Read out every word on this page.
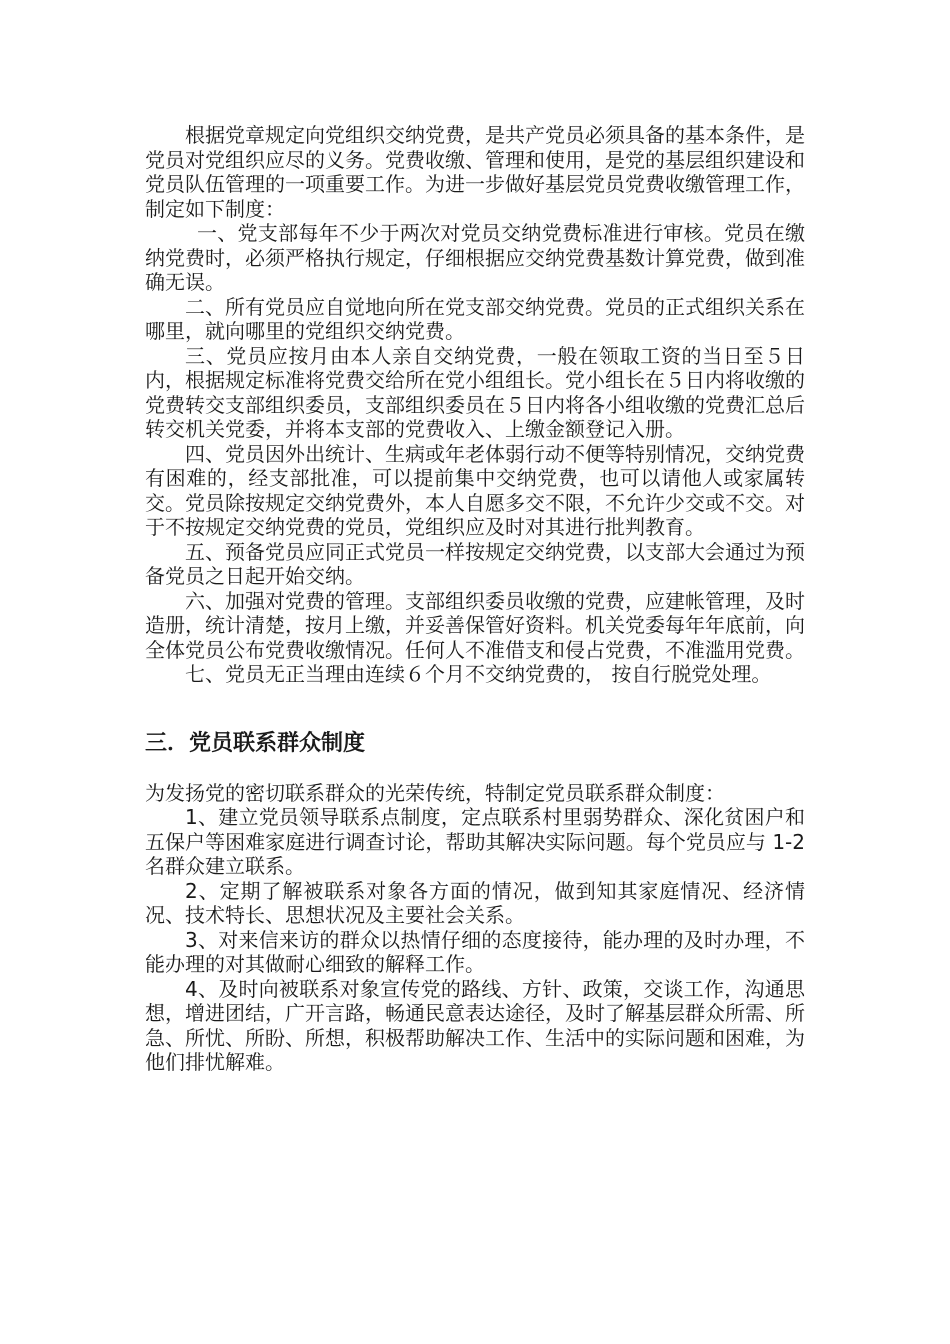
根据党章规定向党组织交纳党费，是共产党员必须具备的基本条件，是党员对党组织应尽的义务。党费收缴、管理和使用，是党的基层组织建设和党员队伍管理的一项重要工作。为进一步做好基层党员党费收缴管理工作，制定如下制度：

一、党支部每年不少于两次对党员交纳党费标准进行审核。党员在缴纳党费时，必须严格执行规定，仔细根据应交纳党费基数计算党费，做到准确无误。

二、所有党员应自觉地向所在党支部交纳党费。党员的正式组织关系在哪里，就向哪里的党组织交纳党费。

三、党员应按月由本人亲自交纳党费，一般在领取工资的当日至５日内，根据规定标准将党费交给所在党小组组长。党小组长在５日内将收缴的党费转交支部组织委员，支部组织委员在５日内将各小组收缴的党费汇总后转交机关党委，并将本支部的党费收入、上缴金额登记入册。

四、党员因外出统计、生病或年老体弱行动不便等特别情况，交纳党费有困难的，经支部批准，可以提前集中交纳党费，也可以请他人或家属转交。党员除按规定交纳党费外，本人自愿多交不限，不允许少交或不交。对于不按规定交纳党费的党员，党组织应及时对其进行批判教育。

五、预备党员应同正式党员一样按规定交纳党费，以支部大会通过为预备党员之日起开始交纳。

六、加强对党费的管理。支部组织委员收缴的党费，应建帐管理，及时造册，统计清楚，按月上缴，并妥善保管好资料。机关党委每年年底前，向全体党员公布党费收缴情况。任何人不准借支和侵占党费，不准滥用党费。

七、党员无正当理由连续６个月不交纳党费的， 按自行脱党处理。

三．党员联系群众制度

为发扬党的密切联系群众的光荣传统，特制定党员联系群众制度：

1、建立党员领导联系点制度，定点联系村里弱势群众、深化贫困户和五保户等困难家庭进行调查讨论，帮助其解决实际问题。每个党员应与 1-2 名群众建立联系。

2、定期了解被联系对象各方面的情况，做到知其家庭情况、经济情况、技术特长、思想状况及主要社会关系。

3、对来信来访的群众以热情仔细的态度接待，能办理的及时办理，不能办理的对其做耐心细致的解释工作。

4、及时向被联系对象宣传党的路线、方针、政策，交谈工作，沟通思想，增进团结，广开言路，畅通民意表达途径，及时了解基层群众所需、所急、所忧、所盼、所想，积极帮助解决工作、生活中的实际问题和困难，为他们排忧解难。
